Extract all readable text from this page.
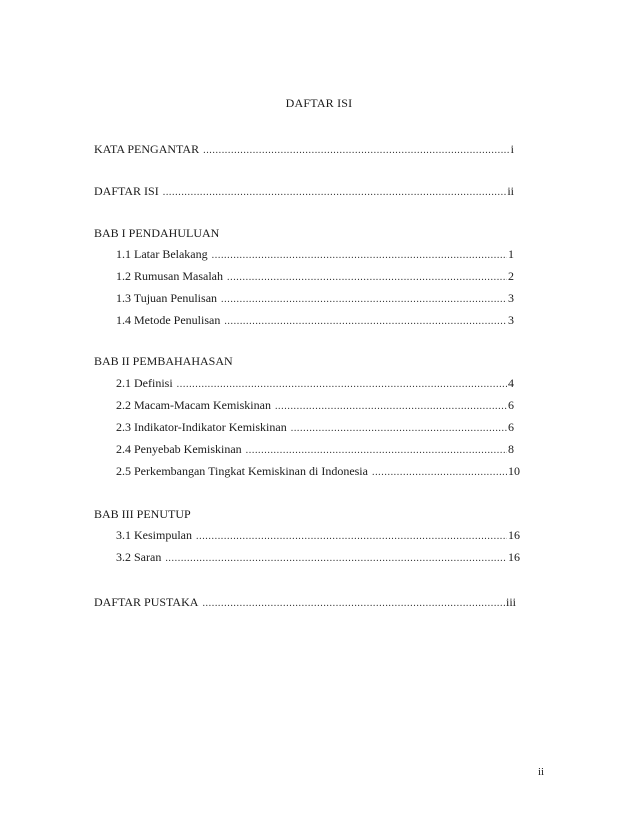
DAFTAR ISI
KATA PENGANTAR .....	i
DAFTAR ISI .....	ii
BAB I PENDAHULUAN
1.1 Latar Belakang .....	1
1.2 Rumusan Masalah .....	2
1.3 Tujuan Penulisan .....	3
1.4 Metode Penulisan .....	3
BAB II PEMBAHAHASAN
2.1 Definisi .....	4
2.2 Macam-Macam Kemiskinan .....	6
2.3 Indikator-Indikator Kemiskinan .....	6
2.4 Penyebab Kemiskinan .....	8
2.5 Perkembangan Tingkat Kemiskinan di Indonesia .....	10
BAB III PENUTUP
3.1 Kesimpulan .....	16
3.2 Saran .....	16
DAFTAR PUSTAKA .....	iii
ii
